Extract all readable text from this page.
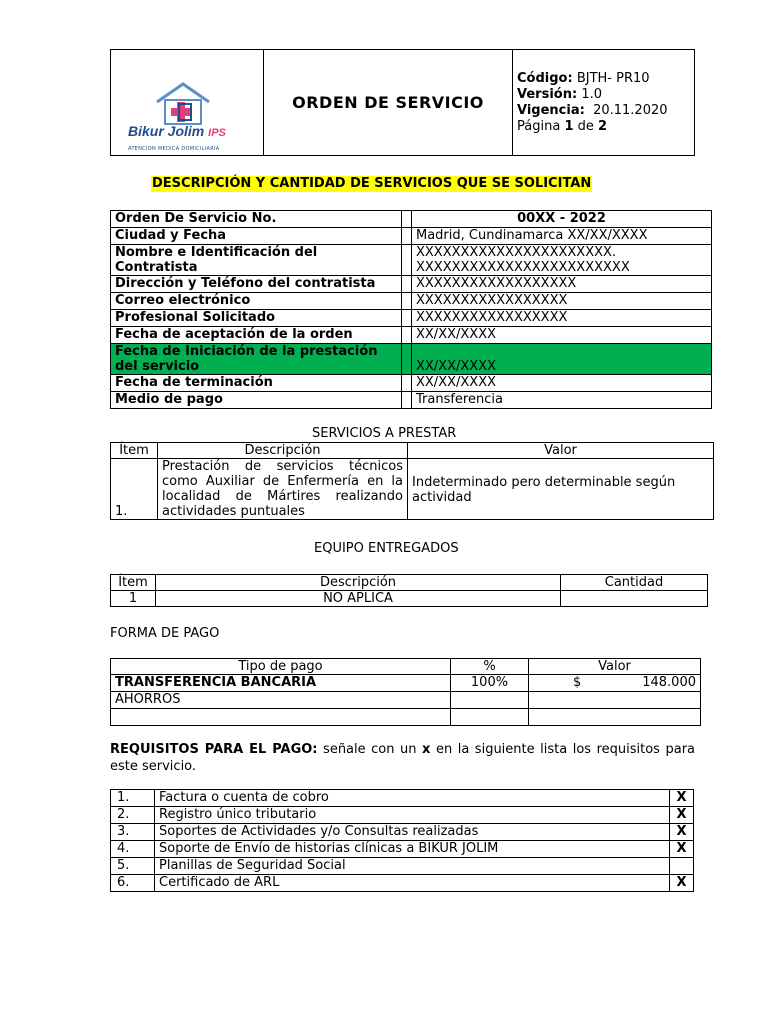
Bikur Jolim IPS
ATENCION MEDICA DOMICILIARIA
	ORDEN DE SERVICIO	
Código: BJTH- PR10
Versión: 1.0
Vigencia: 20.11.2020
Página 1 de 2
DESCRIPCIÓN Y CANTIDAD DE SERVICIOS QUE SE SOLICITAN
Orden De Servicio No.		00XX - 2022
Ciudad y Fecha		Madrid, Cundinamarca XX/XX/XXXX
Nombre e Identificación del Contratista		XXXXXXXXXXXXXXXXXXXXXX. XXXXXXXXXXXXXXXXXXXXXXXX
Dirección y Teléfono del contratista		XXXXXXXXXXXXXXXXXX
Correo electrónico		XXXXXXXXXXXXXXXXX
Profesional Solicitado		XXXXXXXXXXXXXXXXX
Fecha de aceptación de la orden		XX/XX/XXXX
Fecha de Iniciación de la prestación del servicio		XX/XX/XXXX
Fecha de terminación		XX/XX/XXXX
Medio de pago		Transferencia
SERVICIOS A PRESTAR
Ítem	Descripción	Valor
1.	Prestación de servicios técnicos como Auxiliar de Enfermería en la localidad de Mártires realizando actividades puntuales	Indeterminado pero determinable según actividad
EQUIPO ENTREGADOS
Ítem	Descripción	Cantidad
1	NO APLICA	
FORMA DE PAGO
Tipo de pago	%	Valor
TRANSFERENCIA BANCARIA	100%	$ 148.000

AHORROS		

REQUISITOS PARA EL PAGO: señale con un x en la siguiente lista los requisitos para este servicio.
1.	Factura o cuenta de cobro	X
2.	Registro único tributario	X
3.	Soportes de Actividades y/o Consultas realizadas	X
4.	Soporte de Envío de historias clínicas a BIKUR JOLIM	X
5.	Planillas de Seguridad Social	
6.	Certificado de ARL	X
